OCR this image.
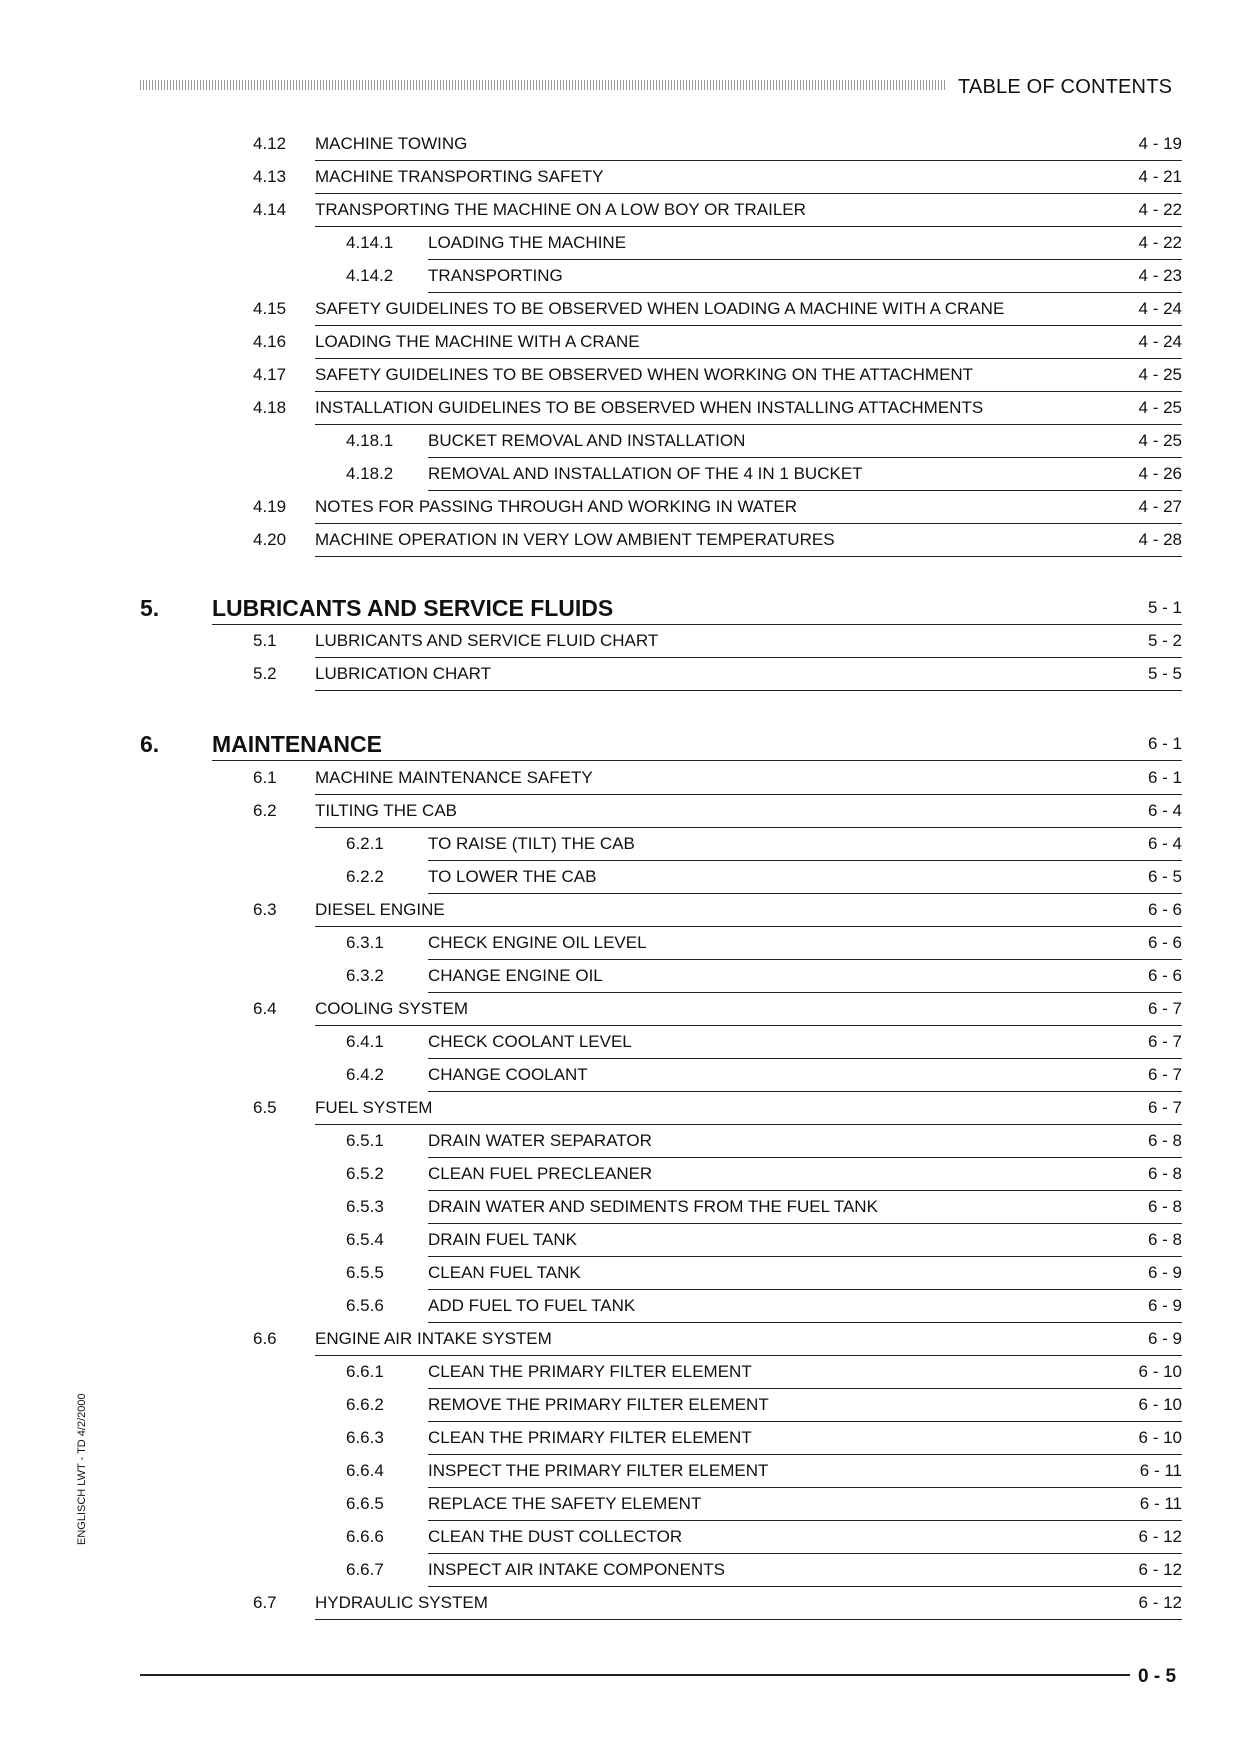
TABLE OF CONTENTS
4.12 MACHINE TOWING	4 - 19
4.13 MACHINE TRANSPORTING SAFETY	4 - 21
4.14 TRANSPORTING THE MACHINE ON A LOW BOY OR TRAILER	4 - 22
4.14.1 LOADING THE MACHINE	4 - 22
4.14.2 TRANSPORTING	4 - 23
4.15 SAFETY GUIDELINES TO BE OBSERVED WHEN LOADING A MACHINE WITH A CRANE	4 - 24
4.16 LOADING THE MACHINE WITH A CRANE	4 - 24
4.17 SAFETY GUIDELINES TO BE OBSERVED WHEN WORKING ON THE ATTACHMENT	4 - 25
4.18 INSTALLATION GUIDELINES TO BE OBSERVED WHEN INSTALLING ATTACHMENTS	4 - 25
4.18.1 BUCKET REMOVAL AND INSTALLATION	4 - 25
4.18.2 REMOVAL AND INSTALLATION OF THE 4 IN 1 BUCKET	4 - 26
4.19 NOTES FOR PASSING THROUGH AND WORKING IN WATER	4 - 27
4.20 MACHINE OPERATION IN VERY LOW AMBIENT TEMPERATURES	4 - 28
5. LUBRICANTS AND SERVICE FLUIDS	5 - 1
5.1 LUBRICANTS AND SERVICE FLUID CHART	5 - 2
5.2 LUBRICATION CHART	5 - 5
6. MAINTENANCE	6 - 1
6.1 MACHINE MAINTENANCE SAFETY	6 - 1
6.2 TILTING THE CAB	6 - 4
6.2.1	TO RAISE (TILT) THE CAB	6 - 4
6.2.2	TO LOWER THE CAB	6 - 5
6.3 DIESEL ENGINE	6 - 6
6.3.1	CHECK ENGINE OIL LEVEL	6 - 6
6.3.2	CHANGE ENGINE OIL	6 - 6
6.4 COOLING SYSTEM	6 - 7
6.4.1	CHECK COOLANT LEVEL	6 - 7
6.4.2	CHANGE COOLANT	6 - 7
6.5 FUEL SYSTEM	6 - 7
6.5.1	DRAIN WATER SEPARATOR	6 - 8
6.5.2	CLEAN FUEL PRECLEANER	6 - 8
6.5.3	DRAIN WATER AND SEDIMENTS FROM THE FUEL TANK	6 - 8
6.5.4	DRAIN FUEL TANK	6 - 8
6.5.5	CLEAN FUEL TANK	6 - 9
6.5.6	ADD FUEL TO FUEL TANK	6 - 9
6.6 ENGINE AIR INTAKE SYSTEM	6 - 9
6.6.1	CLEAN THE PRIMARY FILTER ELEMENT	6 - 10
6.6.2	REMOVE THE PRIMARY FILTER ELEMENT	6 - 10
6.6.3	CLEAN THE PRIMARY FILTER ELEMENT	6 - 10
6.6.4	INSPECT THE PRIMARY FILTER ELEMENT	6 - 11
6.6.5	REPLACE THE SAFETY ELEMENT	6 - 11
6.6.6	CLEAN THE DUST COLLECTOR	6 - 12
6.6.7	INSPECT AIR INTAKE COMPONENTS	6 - 12
6.7 HYDRAULIC SYSTEM	6 - 12
0 - 5
ENGLISCH LWT - TD 4/2/2000
